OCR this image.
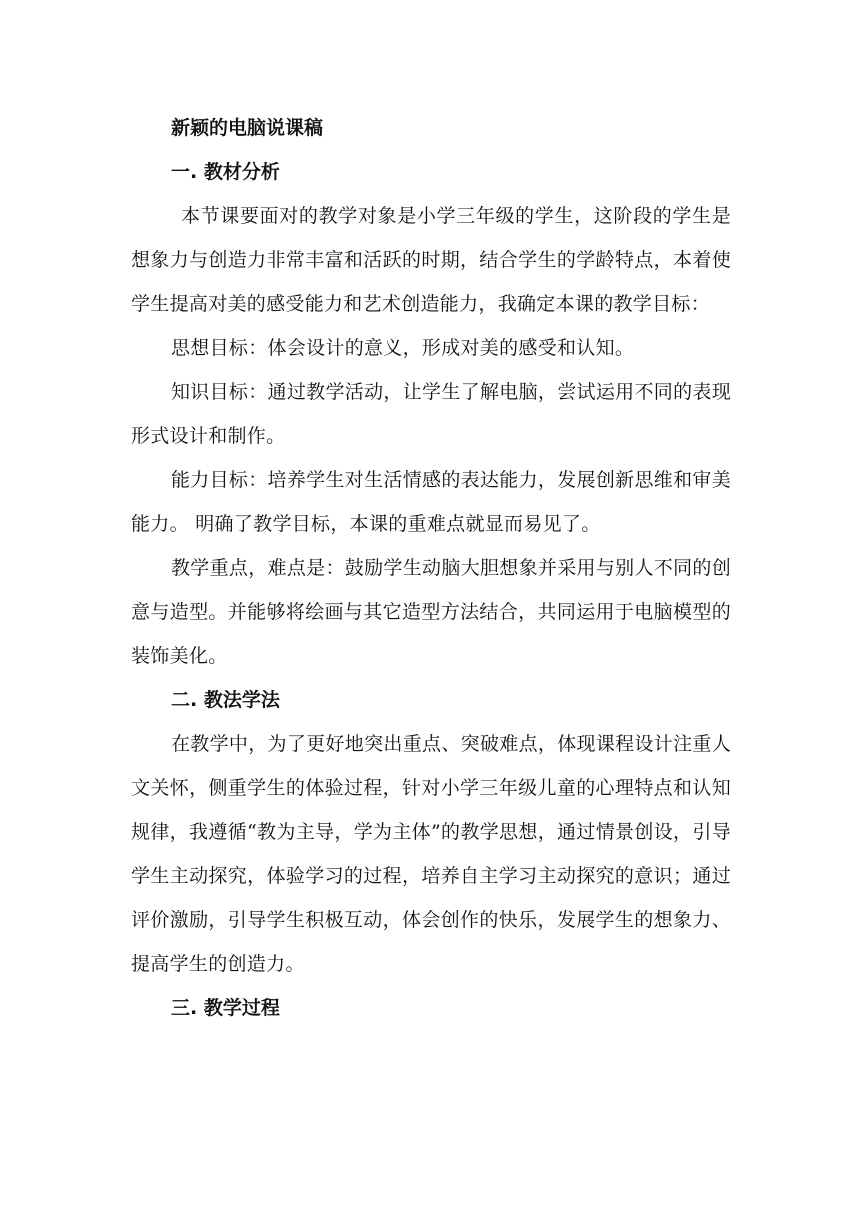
新颖的电脑说课稿
一. 教材分析

本节课要面对的教学对象是小学三年级的学生，这阶段的学生是想象力与创造力非常丰富和活跃的时期，结合学生的学龄特点，本着使学生提高对美的感受能力和艺术创造能力，我确定本课的教学目标：

思想目标：体会设计的意义，形成对美的感受和认知。

知识目标：通过教学活动，让学生了解电脑，尝试运用不同的表现形式设计和制作。

能力目标：培养学生对生活情感的表达能力，发展创新思维和审美能力。 明确了教学目标，本课的重难点就显而易见了。

教学重点，难点是：鼓励学生动脑大胆想象并采用与别人不同的创意与造型。并能够将绘画与其它造型方法结合，共同运用于电脑模型的装饰美化。

二. 教法学法

在教学中，为了更好地突出重点、突破难点，体现课程设计注重人文关怀，侧重学生的体验过程，针对小学三年级儿童的心理特点和认知规律，我遵循“教为主导，学为主体”的教学思想，通过情景创设，引导学生主动探究，体验学习的过程，培养自主学习主动探究的意识；通过评价激励，引导学生积极互动，体会创作的快乐，发展学生的想象力、提高学生的创造力。

三. 教学过程
